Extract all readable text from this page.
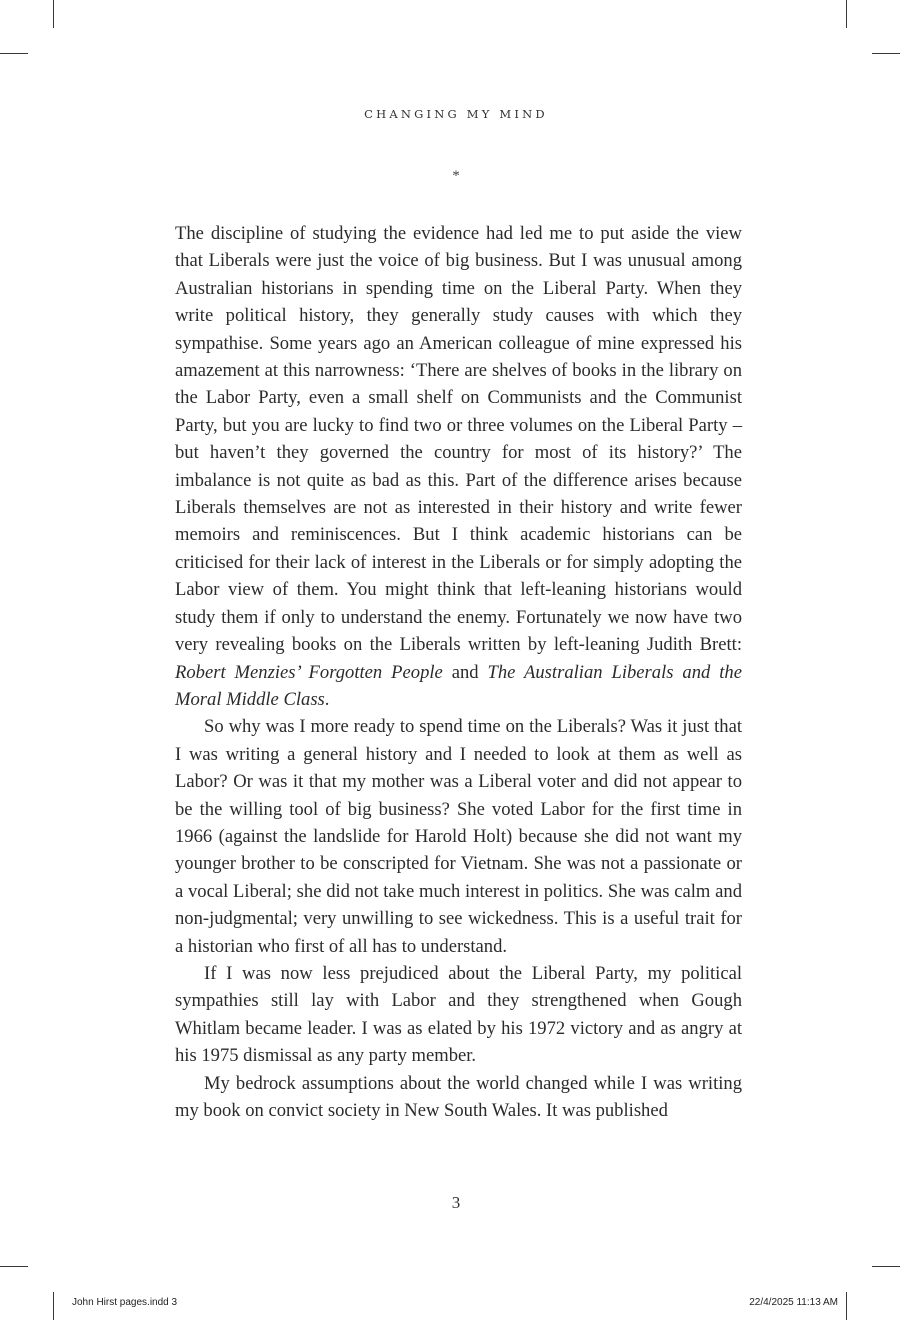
CHANGING MY MIND
*

The discipline of studying the evidence had led me to put aside the view that Liberals were just the voice of big business. But I was unusual among Australian historians in spending time on the Liberal Party. When they write political history, they generally study causes with which they sympathise. Some years ago an American colleague of mine expressed his amazement at this narrowness: ‘There are shelves of books in the library on the Labor Party, even a small shelf on Communists and the Communist Party, but you are lucky to find two or three volumes on the Liberal Party – but haven’t they governed the country for most of its history?’ The imbalance is not quite as bad as this. Part of the difference arises because Liberals themselves are not as interested in their history and write fewer memoirs and reminiscences. But I think academic historians can be criticised for their lack of interest in the Liberals or for simply adopting the Labor view of them. You might think that left-leaning historians would study them if only to understand the enemy. Fortunately we now have two very revealing books on the Liberals written by left-leaning Judith Brett: Robert Menzies’ Forgotten People and The Australian Liberals and the Moral Middle Class.

So why was I more ready to spend time on the Liberals? Was it just that I was writing a general history and I needed to look at them as well as Labor? Or was it that my mother was a Liberal voter and did not appear to be the willing tool of big business? She voted Labor for the first time in 1966 (against the landslide for Harold Holt) because she did not want my younger brother to be conscripted for Vietnam. She was not a passionate or a vocal Liberal; she did not take much interest in politics. She was calm and non-judgmental; very unwilling to see wickedness. This is a useful trait for a historian who first of all has to understand.

If I was now less prejudiced about the Liberal Party, my political sympathies still lay with Labor and they strengthened when Gough Whitlam became leader. I was as elated by his 1972 victory and as angry at his 1975 dismissal as any party member.

My bedrock assumptions about the world changed while I was writing my book on convict society in New South Wales. It was published

3
John Hirst pages.indd 3	22/4/2025 11:13 AM
